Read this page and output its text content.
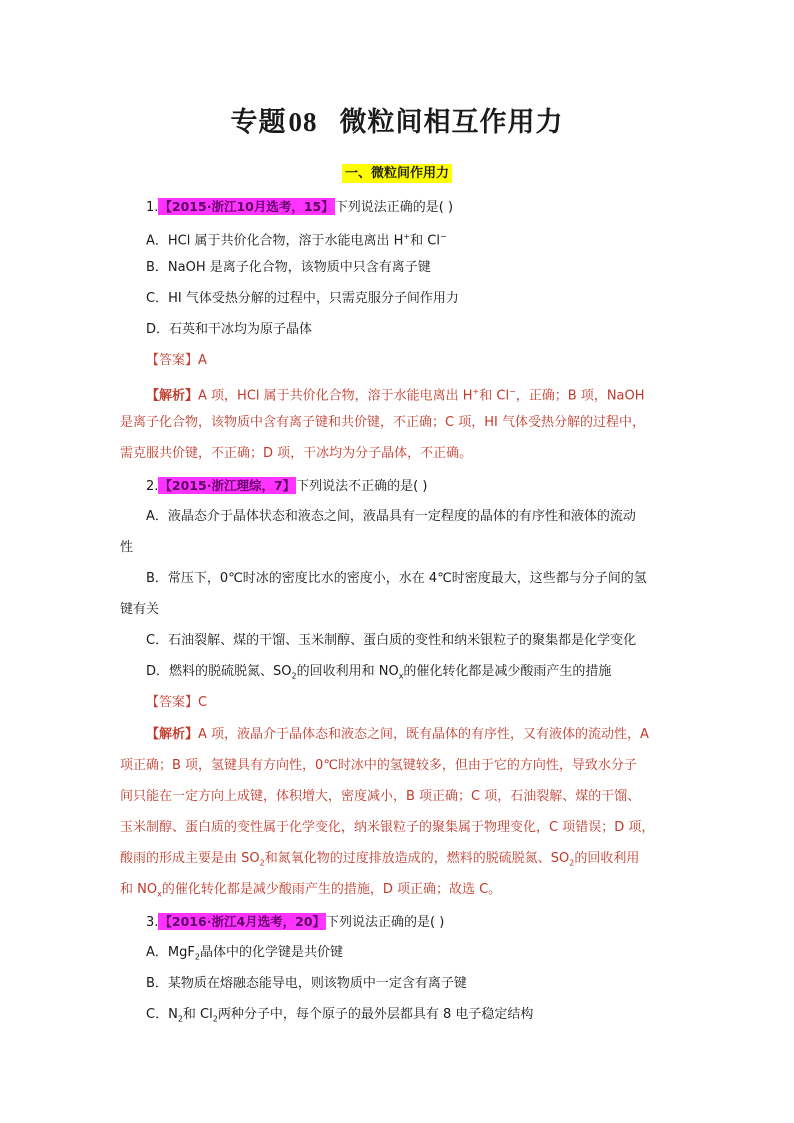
专题08 微粒间相互作用力
一、微粒间作用力
1.【2015·浙江10月选考，15】下列说法正确的是( )
A．HCl 属于共价化合物，溶于水能电离出 H+和 Cl−
B．NaOH 是离子化合物，该物质中只含有离子键
C．HI 气体受热分解的过程中，只需克服分子间作用力
D．石英和干冰均为原子晶体
【答案】A
【解析】A 项，HCl 属于共价化合物，溶于水能电离出 H+和 Cl−，正确；B 项，NaOH
是离子化合物，该物质中含有离子键和共价键，不正确；C 项，HI 气体受热分解的过程中，
需克服共价键，不正确；D 项，干冰均为分子晶体，不正确。
2.【2015·浙江理综，7】下列说法不正确的是( )
A．液晶态介于晶体状态和液态之间，液晶具有一定程度的晶体的有序性和液体的流动
性
B．常压下，0℃时冰的密度比水的密度小，水在 4℃时密度最大，这些都与分子间的氢
键有关
C．石油裂解、煤的干馏、玉米制醇、蛋白质的变性和纳米银粒子的聚集都是化学变化
D．燃料的脱硫脱氮、$SO_2$的回收利用和 $NO_x$的催化转化都是减少酸雨产生的措施
【答案】C
【解析】A 项，液晶介于晶体态和液态之间，既有晶体的有序性，又有液体的流动性，A
项正确；B 项，氢键具有方向性，0℃时冰中的氢键较多，但由于它的方向性，导致水分子
间只能在一定方向上成键，体积增大，密度减小，B 项正确；C 项，石油裂解、煤的干馏、
玉米制醇、蛋白质的变性属于化学变化，纳米银粒子的聚集属于物理变化，C 项错误；D 项，
酸雨的形成主要是由 $SO_2$和氮氧化物的过度排放造成的，燃料的脱硫脱氮、$SO_2$的回收利用
和 $NO_x$的催化转化都是减少酸雨产生的措施，D 项正确；故选 C。
3.【2016·浙江4月选考，20】下列说法正确的是( )
A．MgF$_2$晶体中的化学键是共价键
B．某物质在熔融态能导电，则该物质中一定含有离子键
C．$N_2$和 $Cl_2$两种分子中，每个原子的最外层都具有 8 电子稳定结构
